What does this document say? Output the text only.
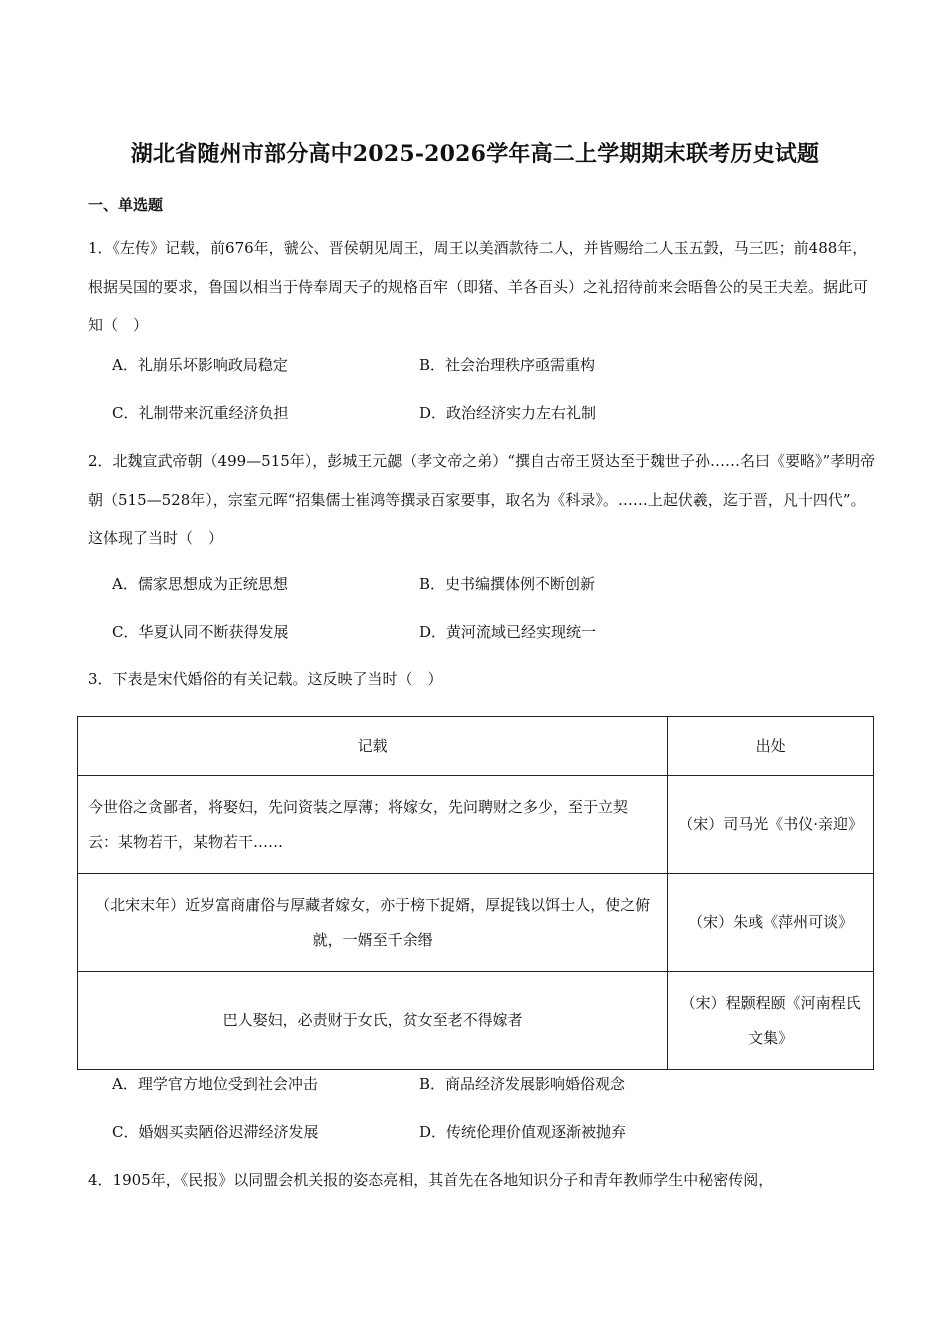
湖北省随州市部分高中2025-2026学年高二上学期期末联考历史试题
一、单选题
1．《左传》记载，前676年，虢公、晋侯朝见周王，周王以美酒款待二人，并皆赐给二人玉五瑴，马三匹；前488年，根据吴国的要求，鲁国以相当于侍奉周天子的规格百牢（即猪、羊各百头）之礼招待前来会晤鲁公的吴王夫差。据此可知（　）
A．礼崩乐坏影响政局稳定	B．社会治理秩序亟需重构
C．礼制带来沉重经济负担	D．政治经济实力左右礼制
2．北魏宣武帝朝（499—515年），彭城王元勰（孝文帝之弟）“撰自古帝王贤达至于魏世子孙……名曰《要略》”孝明帝朝（515—528年），宗室元晖“招集儒士崔鸿等撰录百家要事，取名为《科录》。……上起伏羲，迄于晋，凡十四代”。这体现了当时（　）
A．儒家思想成为正统思想	B．史书编撰体例不断创新
C．华夏认同不断获得发展	D．黄河流域已经实现统一
3．下表是宋代婚俗的有关记载。这反映了当时（　）
记载	出处
今世俗之贪鄙者，将娶妇，先问资装之厚薄；将嫁女，先问聘财之多少，至于立契云：某物若干，某物若干……	（宋）司马光《书仪·亲迎》
（北宋末年）近岁富商庸俗与厚藏者嫁女，亦于榜下捉婿，厚捉钱以饵士人，使之俯就，一婿至千余缗	（宋）朱彧《萍州可谈》
巴人娶妇，必责财于女氏，贫女至老不得嫁者	（宋）程颢程颐《河南程氏文集》
A．理学官方地位受到社会冲击	B．商品经济发展影响婚俗观念
C．婚姻买卖陋俗迟滞经济发展	D．传统伦理价值观逐渐被抛弃
4．1905年，《民报》以同盟会机关报的姿态亮相，其首先在各地知识分子和青年教师学生中秘密传阅，
